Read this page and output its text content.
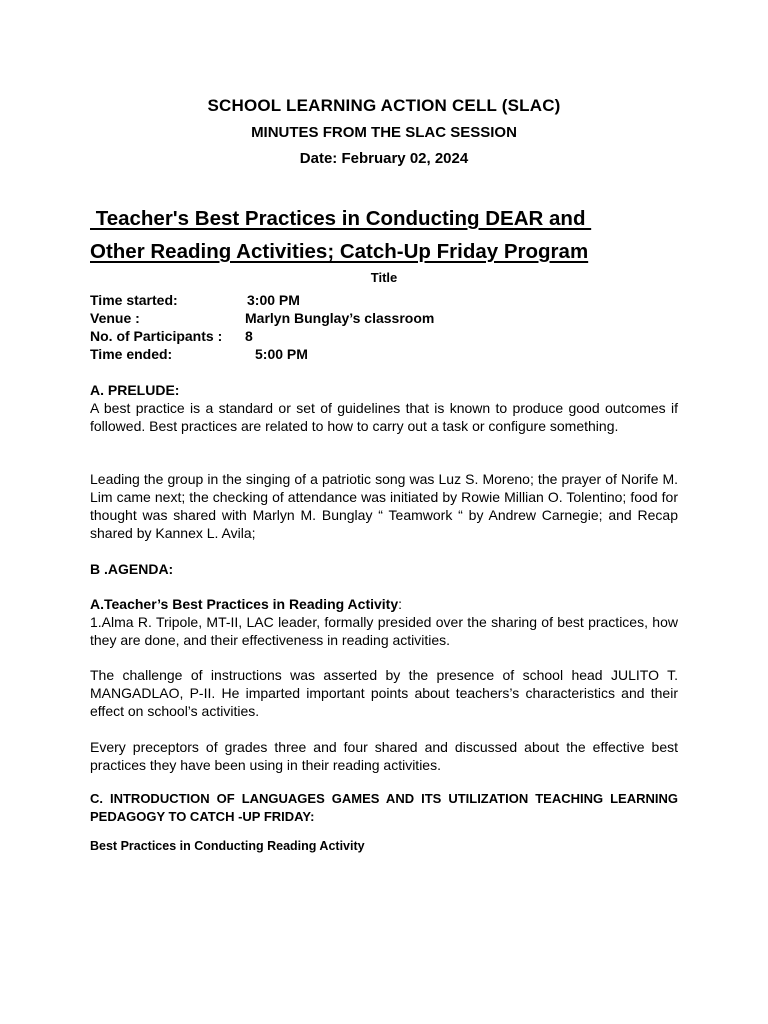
SCHOOL LEARNING ACTION CELL (SLAC)
MINUTES FROM THE SLAC SESSION
Date: February 02, 2024
Teacher's Best Practices in Conducting DEAR and
Other Reading Activities; Catch-Up Friday Program
Title
Time started:	3:00 PM
Venue :	Marlyn Bunglay’s classroom
No. of Participants : 8
Time ended:	5:00 PM
A. PRELUDE:
A best practice is a standard or set of guidelines that is known to produce good outcomes if followed. Best practices are related to how to carry out a task or configure something.
Leading the group in the singing of a patriotic song was Luz S. Moreno; the prayer of Norife M. Lim came next; the checking of attendance was initiated by Rowie Millian O. Tolentino; food for thought was shared with Marlyn M. Bunglay “ Teamwork “ by Andrew Carnegie; and Recap shared by Kannex L. Avila;
B .AGENDA:
A.Teacher’s Best Practices in Reading Activity:
1.Alma R. Tripole, MT-II, LAC leader, formally presided over the sharing of best practices, how they are done, and their effectiveness in reading activities.
The challenge of instructions was asserted by the presence of school head JULITO T. MANGADLAO, P-II. He imparted important points about teachers’s characteristics and their effect on school’s activities.
Every preceptors of grades three and four shared and discussed about the effective best practices they have been using in their reading activities.
C. INTRODUCTION OF LANGUAGES GAMES AND ITS UTILIZATION TEACHING LEARNING PEDAGOGY TO CATCH -UP FRIDAY:
Best Practices in Conducting Reading Activity
